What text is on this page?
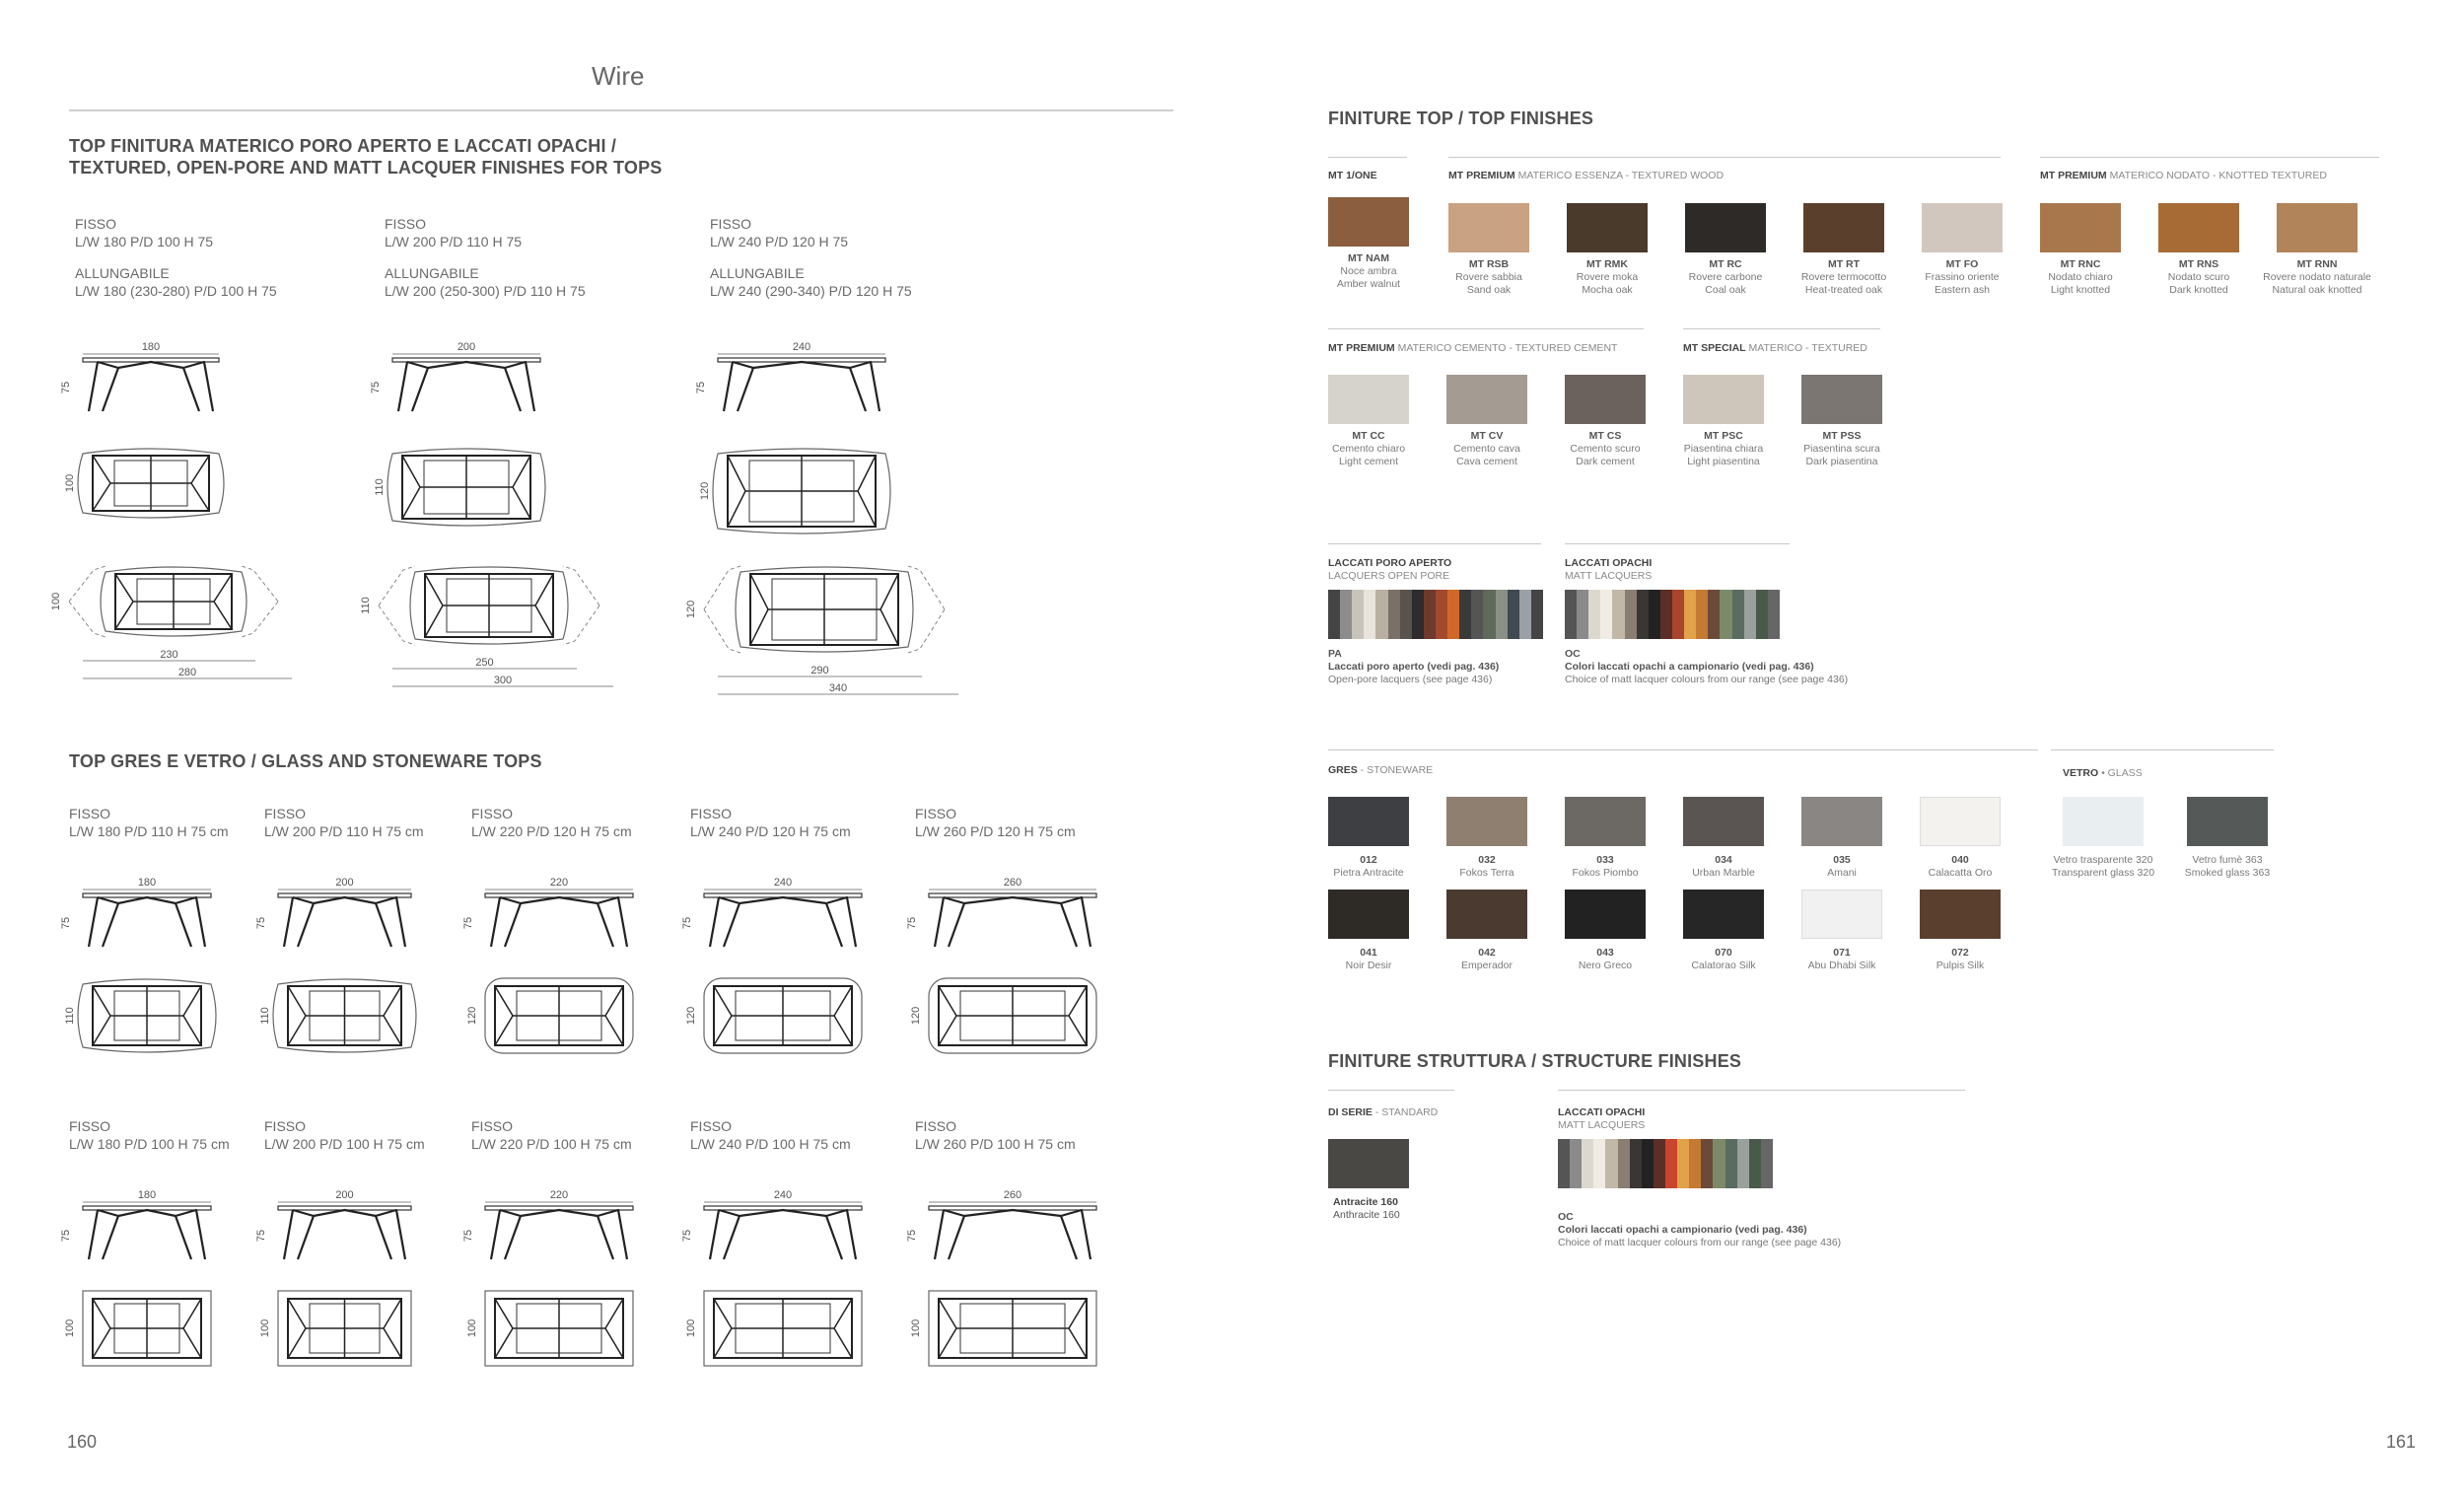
Wire
TOP FINITURA MATERICO PORO APERTO E LACCATI OPACHI /
TEXTURED, OPEN-PORE AND MATT LACQUER FINISHES FOR TOPS
FISSO
L/W 180 P/D 100 H 75
ALLUNGABILE
L/W 180 (230-280) P/D 100 H 75
FISSO
L/W 200 P/D 110 H 75
ALLUNGABILE
L/W 200 (250-300) P/D 110 H 75
FISSO
L/W 240 P/D 120 H 75
ALLUNGABILE
L/W 240 (290-340) P/D 120 H 75
180
75
100
100
230
280
200
75
110
110
250
300
240
75
120
120
290
340
TOP GRES E VETRO / GLASS AND STONEWARE TOPS
FISSO
L/W 180 P/D 110 H 75 cm
180
75
110
FISSO
L/W 200 P/D 110 H 75 cm
200
75
110
FISSO
L/W 220 P/D 120 H 75 cm
220
75
120
FISSO
L/W 240 P/D 120 H 75 cm
240
75
120
FISSO
L/W 260 P/D 120 H 75 cm
260
75
120
FISSO
L/W 180 P/D 100 H 75 cm
180
75
100
FISSO
L/W 200 P/D 100 H 75 cm
200
75
100
FISSO
L/W 220 P/D 100 H 75 cm
220
75
100
FISSO
L/W 240 P/D 100 H 75 cm
240
75
100
FISSO
L/W 260 P/D 100 H 75 cm
260
75
100
160
FINITURE TOP / TOP FINISHES
MT 1/ONE	MT PREMIUM MATERICO ESSENZA - TEXTURED WOOD	MT PREMIUM MATERICO NODATO - KNOTTED TEXTURED
MT NAM
Noce ambra
Amber walnut
MT RSB
Rovere sabbia
Sand oak
MT RMK
Rovere moka
Mocha oak
MT RC
Rovere carbone
Coal oak
MT RT
Rovere termocotto
Heat-treated oak
MT FO
Frassino oriente
Eastern ash
MT RNC
Nodato chiaro
Light knotted
MT RNS
Nodato scuro
Dark knotted
MT RNN
Rovere nodato naturale
Natural oak knotted
MT PREMIUM MATERICO CEMENTO - TEXTURED CEMENT	MT SPECIAL MATERICO - TEXTURED
MT CC
Cemento chiaro
Light cement
MT CV
Cemento cava
Cava cement
MT CS
Cemento scuro
Dark cement
MT PSC
Piasentina chiara
Light piasentina
MT PSS
Piasentina scura
Dark piasentina
LACCATI PORO APERTO
LACQUERS OPEN PORE
LACCATI OPACHI
MATT LACQUERS
PA
Laccati poro aperto (vedi pag. 436)
Open-pore lacquers (see page 436)
OC
Colori laccati opachi a campionario (vedi pag. 436)
Choice of matt lacquer colours from our range (see page 436)
GRES - STONEWARE	VETRO • GLASS
012
Pietra Antracite
032
Fokos Terra
033
Fokos Piombo
034
Urban Marble
035
Amani
040
Calacatta Oro
041
Noir Desir
042
Emperador
043
Nero Greco
070
Calatorao Silk
071
Abu Dhabi Silk
072
Pulpis Silk
Vetro trasparente 320
Transparent glass 320
Vetro fumè 363
Smoked glass 363
FINITURE STRUTTURA / STRUCTURE FINISHES
DI SERIE - STANDARD	LACCATI OPACHI
MATT LACQUERS
Antracite 160
Anthracite 160	OC
Colori laccati opachi a campionario (vedi pag. 436)
Choice of matt lacquer colours from our range (see page 436)
161
